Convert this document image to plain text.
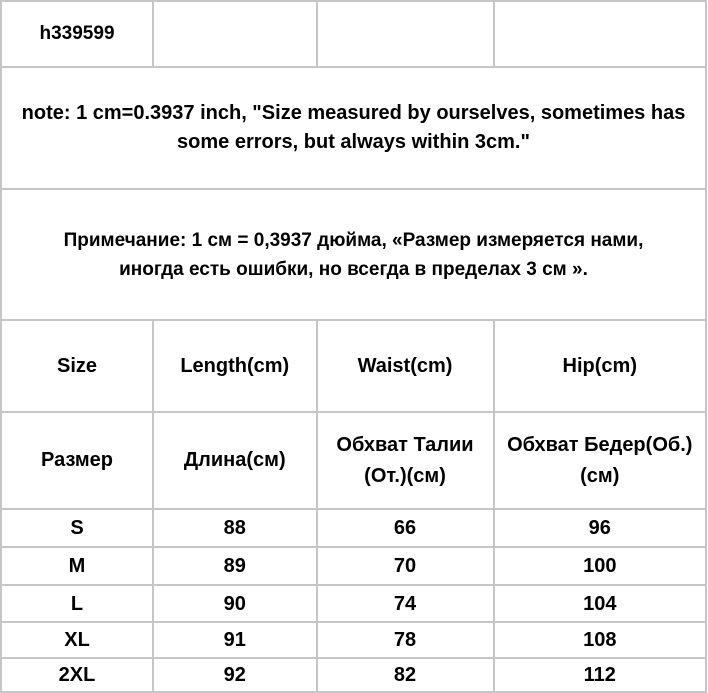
h339599			
note: 1 cm=0.3937 inch, "Size measured by ourselves, sometimes has some errors, but always within 3cm."			
Примечание: 1 см = 0,3937 дюйма, «Размер измеряется нами,
иногда есть ошибки, но всегда в пределах 3 см ».			
Size	Length(cm)	Waist(cm)	Hip(cm)
Размер	Длина(см)	Обхват Талии (От.)(см)	Обхват Бедер(Об.)(см)
S	88	66	96
M	89	70	100
L	90	74	104
XL	91	78	108
2XL	92	82	112
